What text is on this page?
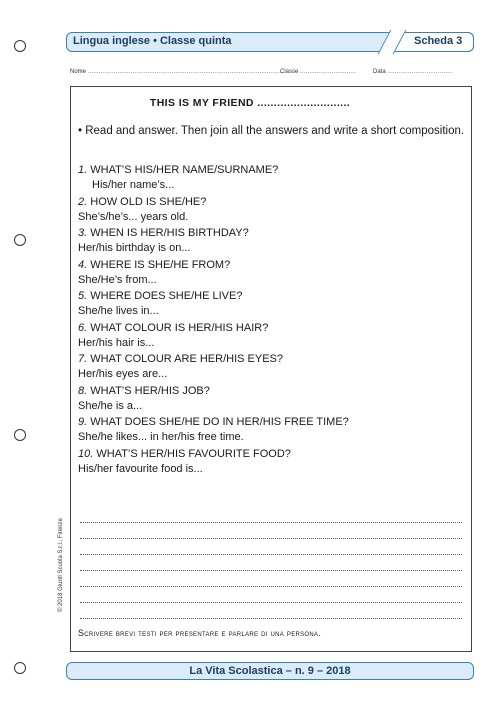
Lingua inglese • Classe quinta	Scheda 3
Nome ........................................................................................................
Classe ..............................	Data ...................................
THIS IS MY FRIEND ............................
• Read and answer. Then join all the answers and write a short composition.
1. WHAT’S HIS/HER NAME/SURNAME?
His/her name’s...
2. HOW OLD IS SHE/HE?
She’s/he’s... years old.
3. WHEN IS HER/HIS BIRTHDAY?
Her/his birthday is on...
4. WHERE IS SHE/HE FROM?
She/He’s from...
5. WHERE DOES SHE/HE LIVE?
She/he lives in...
6. WHAT COLOUR IS HER/HIS HAIR?
Her/his hair is...
7. WHAT COLOUR ARE HER/HIS EYES?
Her/his eyes are...
8. WHAT’S HER/HIS JOB?
She/he is a...
9. WHAT DOES SHE/HE DO IN HER/HIS FREE TIME?
She/he likes... in her/his free time.
10. WHAT’S HER/HIS FAVOURITE FOOD?
His/her favourite food is...
Scrivere brevi testi per presentare e parlare di una persona.
© 2018 Giunti Scuola S.r.l., Firenze
La Vita Scolastica – n. 9 – 2018
